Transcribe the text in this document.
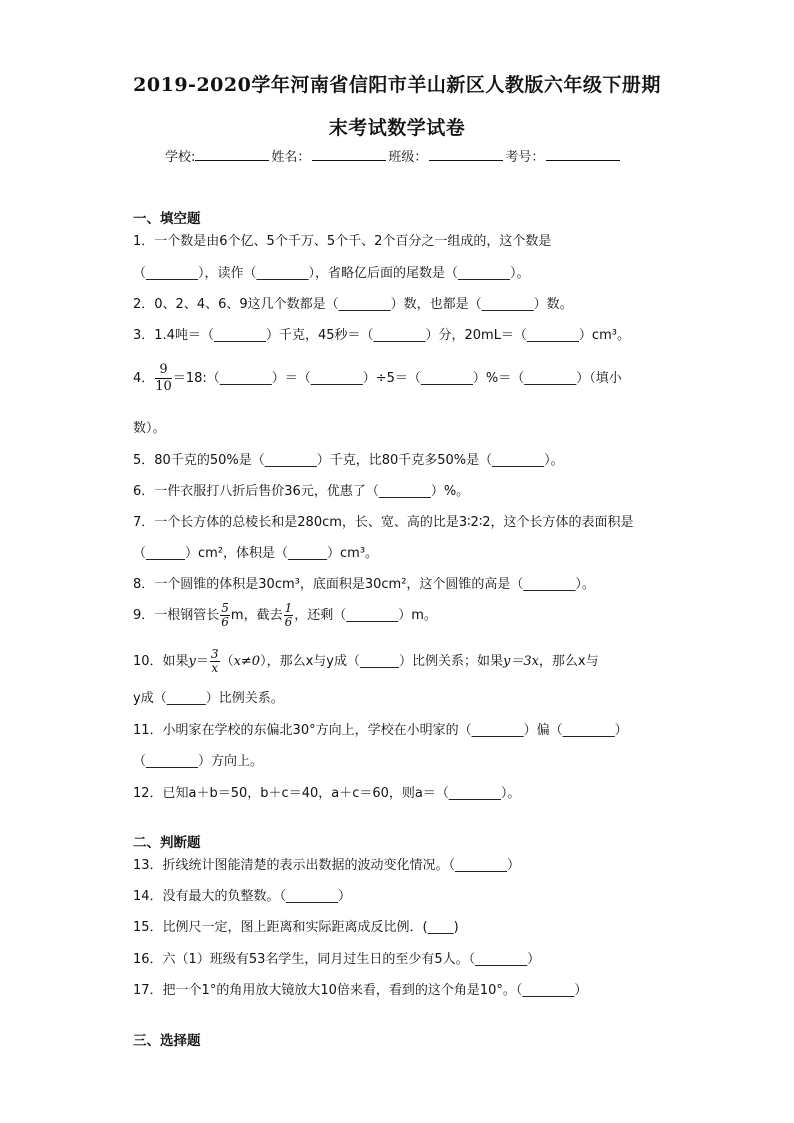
2019-2020学年河南省信阳市羊山新区人教版六年级下册期
末考试数学试卷
学校:	姓名：	班级：	考号：
一、填空题
1．一个数是由6个亿、5个千万、5个千、2个百分之一组成的，这个数是
（________），读作（________），省略亿后面的尾数是（________）。
2．0、2、4、6、9这几个数都是（________）数，也都是（________）数。
3．1.4吨＝（________）千克，45秒＝（________）分，20mL＝（________）cm³。
4． $\frac{9}{10}$ ＝18:（________）＝（________）÷5＝（________）%＝（________）（填小
数）。
5．80千克的50%是（________）千克，比80千克多50%是（________）。
6．一件衣服打八折后售价36元，优惠了（________）%。
7．一个长方体的总棱长和是280cm，长、宽、高的比是3∶2∶2，这个长方体的表面积是
（______）cm²，体积是（______）cm³。
8．一个圆锥的体积是30cm³，底面积是30cm²，这个圆锥的高是（________）。
9．一根钢管长 $\frac{5}{6}$ m，截去 $\frac{1}{6}$ ，还剩（________）m。
10．如果$y= \frac{3}{x} (x\ne 0)$，那么x与y成（______）比例关系；如果y＝3x，那么x与
y成（______）比例关系。
11．小明家在学校的东偏北30°方向上，学校在小明家的（________）偏（________）
（________）方向上。
12．已知a＋b＝50，b＋c＝40，a＋c＝60，则a＝（________）。
二、判断题
13．折线统计图能清楚的表示出数据的波动变化情况。（________）
14．没有最大的负整数。（________）
15．比例尺一定，图上距离和实际距离成反比例．(____)
16．六（1）班级有53名学生，同月过生日的至少有5人。（________）
17．把一个1°的角用放大镜放大10倍来看，看到的这个角是10°。（________）
三、选择题
